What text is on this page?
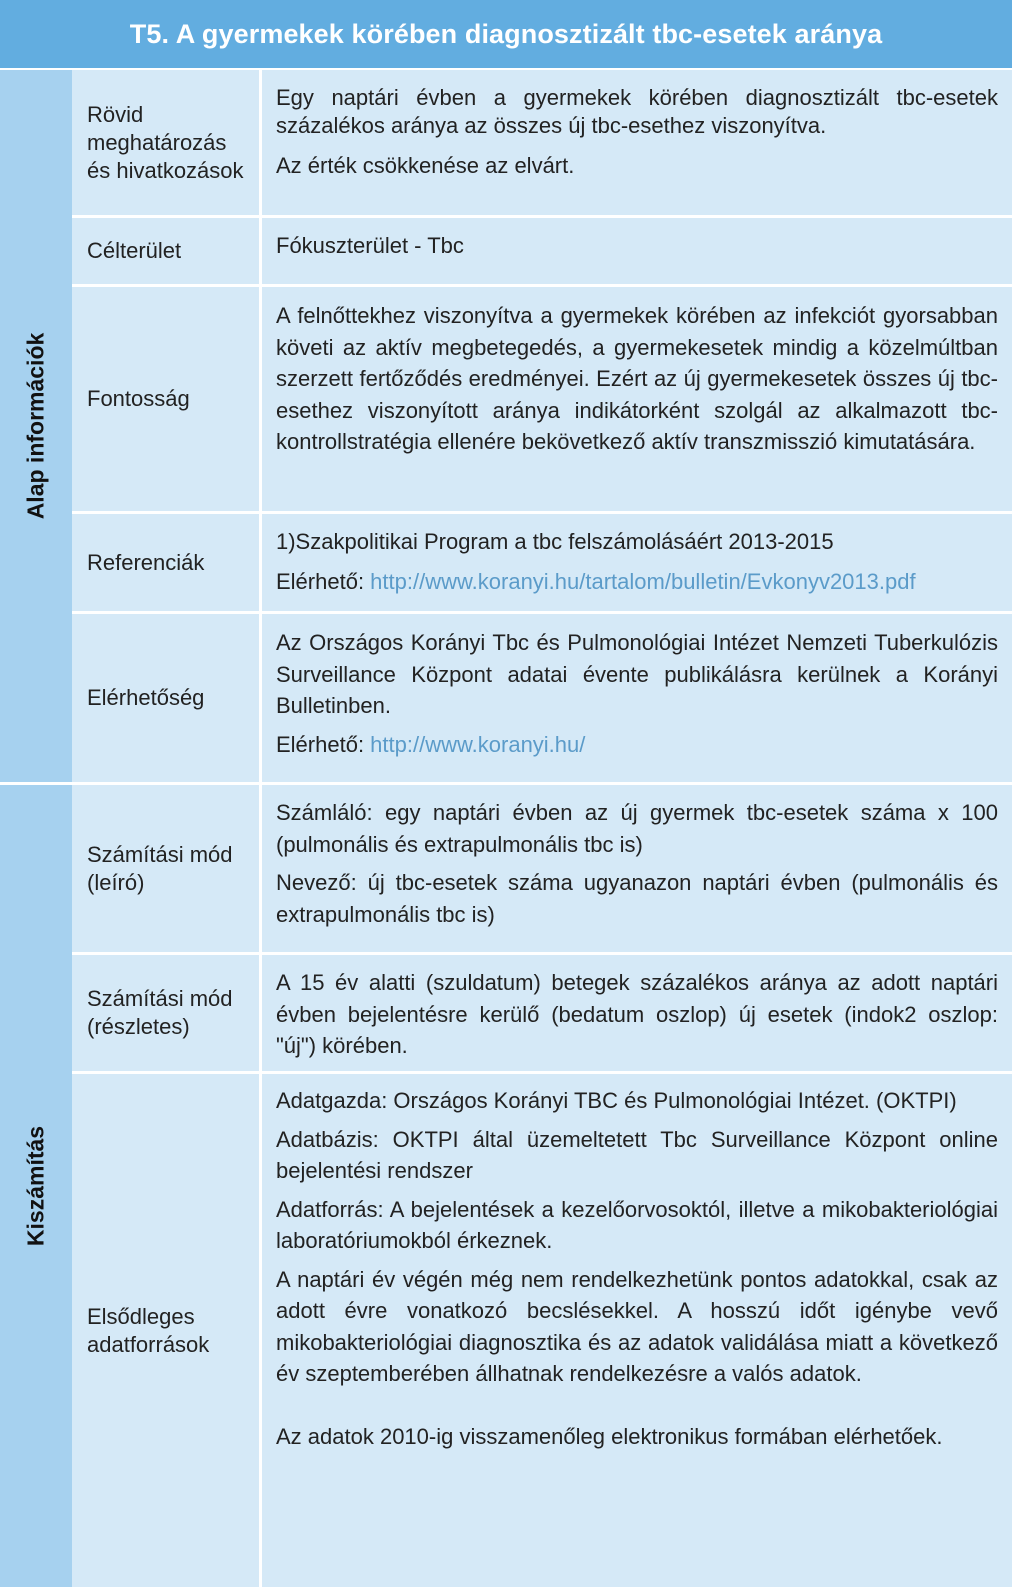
T5. A gyermekek körében diagnosztizált tbc-esetek aránya
Alap információk
Kiszámítás
Rövid meghatározás és hivatkozások

Egy naptári évben a gyermekek körében diagnosztizált tbc-esetek százalékos aránya az összes új tbc-esethez viszonyítva.

Az érték csökkenése az elvárt.

Célterület	Fókuszterület - Tbc

Fontosság

A felnőttekhez viszonyítva a gyermekek körében az infekciót gyorsabban követi az aktív megbetegedés, a gyermekesetek mindig a közelmúltban szerzett fertőződés eredményei. Ezért az új gyermekesetek összes új tbc-esethez viszonyított aránya indikátorként szolgál az alkalmazott tbc- kontrollstratégia ellenére bekövetkező aktív transzmisszió kimutatására.

Referenciák

1)Szakpolitikai Program a tbc felszámolásáért 2013-2015

Elérhető: http://www.koranyi.hu/tartalom/bulletin/Evkonyv2013.pdf

Elérhetőség

Az Országos Korányi Tbc és Pulmonológiai Intézet Nemzeti Tuberkulózis Surveillance Központ adatai évente publikálásra kerülnek a Korányi Bulletinben.

Elérhető: http://www.koranyi.hu/

Számítási mód (leíró)

Számláló: egy naptári évben az új gyermek tbc-esetek száma x 100 (pulmonális és extrapulmonális tbc is)

Nevező: új tbc-esetek száma ugyanazon naptári évben (pulmonális és extrapulmonális tbc is)

Számítási mód (részletes)

A 15 év alatti (szuldatum) betegek százalékos aránya az adott naptári évben bejelentésre kerülő (bedatum oszlop) új esetek (indok2 oszlop: "új") körében.

Elsődleges adatforrások

Adatgazda: Országos Korányi TBC és Pulmonológiai Intézet. (OKTPI)

Adatbázis: OKTPI által üzemeltetett Tbc Surveillance Központ online bejelentési rendszer

Adatforrás: A bejelentések a kezelőorvosoktól, illetve a mikobakteriológiai laboratóriumokból érkeznek.

A naptári év végén még nem rendelkezhetünk pontos adatokkal, csak az adott évre vonatkozó becslésekkel. A hosszú időt igénybe vevő mikobakteriológiai diagnosztika és az adatok validálása miatt a következő év szeptemberében állhatnak rendelkezésre a valós adatok.

Az adatok 2010-ig visszamenőleg elektronikus formában elérhetőek.
